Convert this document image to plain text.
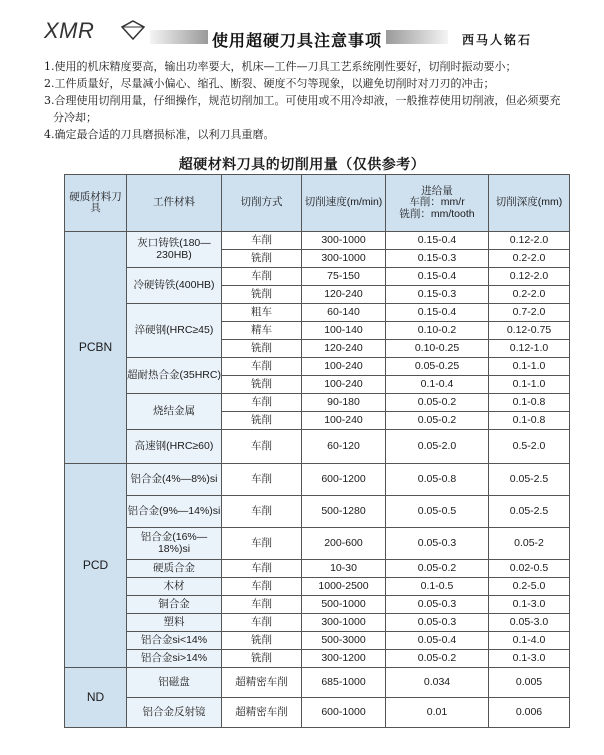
XMR	使用超硬刀具注意事项	西马人铭石

1.使用的机床精度要高，输出功率要大，机床—工件—刀具工艺系统刚性要好，切削时振动要小；

2.工件质量好，尽量减小偏心、缩孔、断裂、硬度不匀等现象，以避免切削时对刀刃的冲击；

3.合理使用切削用量，仔细操作，规范切削加工。可使用或不用冷却液，一般推荐使用切削液，但必须要充分冷却；

4.确定最合适的刀具磨损标准，以利刀具重磨。

超硬材料刀具的切削用量（仅供参考）
硬质材料刀具	工件材料	切削方式	切削速度(m/min)	进给量
车削：mm/r
铣削：mm/tooth	切削深度(mm)
PCBN	灰口铸铁(180—230HB)	车削	300-1000	0.15-0.4	0.12-2.0
		铣削	300-1000	0.15-0.3	0.2-2.0
	冷硬铸铁(400HB)	车削	75-150	0.15-0.4	0.12-2.0
		铣削	120-240	0.15-0.3	0.2-2.0
	淬硬钢(HRC≥45)	粗车	60-140	0.15-0.4	0.7-2.0
		精车	100-140	0.10-0.2	0.12-0.75
		铣削	120-240	0.10-0.25	0.12-1.0
	超耐热合金(35HRC)	车削	100-240	0.05-0.25	0.1-1.0
		铣削	100-240	0.1-0.4	0.1-1.0
	烧结金属	车削	90-180	0.05-0.2	0.1-0.8
		铣削	100-240	0.05-0.2	0.1-0.8
	高速钢(HRC≥60)	车削	60-120	0.05-2.0	0.5-2.0
PCD	铝合金(4%—8%)si	车削	600-1200	0.05-0.8	0.05-2.5
	铝合金(9%—14%)si	车削	500-1280	0.05-0.5	0.05-2.5
	铝合金(16%—18%)si	车削	200-600	0.05-0.3	0.05-2
	硬质合金	车削	10-30	0.05-0.2	0.02-0.5
	木材	车削	1000-2500	0.1-0.5	0.2-5.0
	铜合金	车削	500-1000	0.05-0.3	0.1-3.0
	塑料	车削	300-1000	0.05-0.3	0.05-3.0
	铝合金si<14%	铣削	500-3000	0.05-0.4	0.1-4.0
	铝合金si>14%	铣削	300-1200	0.05-0.2	0.1-3.0
ND	铝磁盘	超精密车削	685-1000	0.034	0.005
	铝合金反射镜	超精密车削	600-1000	0.01	0.006
